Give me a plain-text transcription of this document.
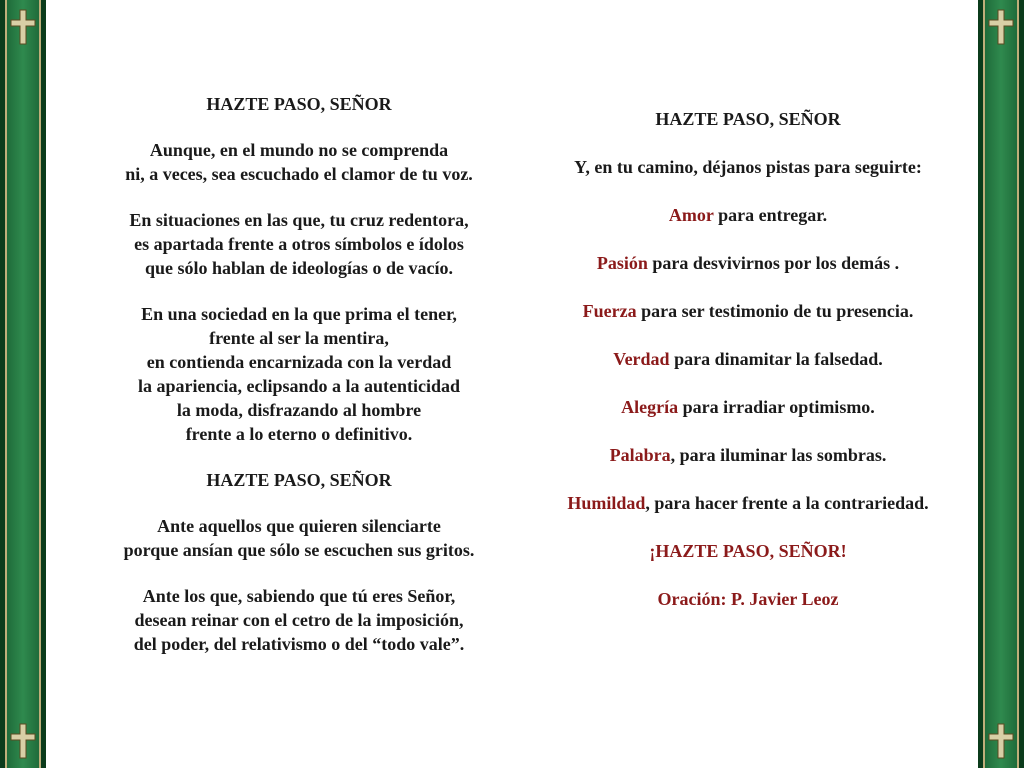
HAZTE PASO, SEÑOR

Aunque, en el mundo no se comprenda

ni, a veces, sea escuchado el clamor de tu voz.

En situaciones en las que, tu cruz redentora,

es apartada frente a otros símbolos e ídolos

que sólo hablan de ideologías o de vacío.

En una sociedad en la que prima el tener,

frente al ser la mentira,

en contienda encarnizada con la verdad

la apariencia, eclipsando a la autenticidad

la moda, disfrazando al hombre

frente a lo eterno o definitivo.

HAZTE PASO, SEÑOR

Ante aquellos que quieren silenciarte

porque ansían que sólo se escuchen sus gritos.

Ante los que, sabiendo que tú eres Señor,

desean reinar con el cetro de la imposición,

del poder, del relativismo o del “todo vale”.

HAZTE PASO, SEÑOR

Y, en tu camino, déjanos pistas para seguirte:

Amor para entregar.

Pasión para desvivirnos por los demás .

Fuerza para ser testimonio de tu presencia.

Verdad para dinamitar la falsedad.

Alegría para irradiar optimismo.

Palabra, para iluminar las sombras.

Humildad, para hacer frente a la contrariedad.

¡HAZTE PASO, SEÑOR!

Oración: P. Javier Leoz
